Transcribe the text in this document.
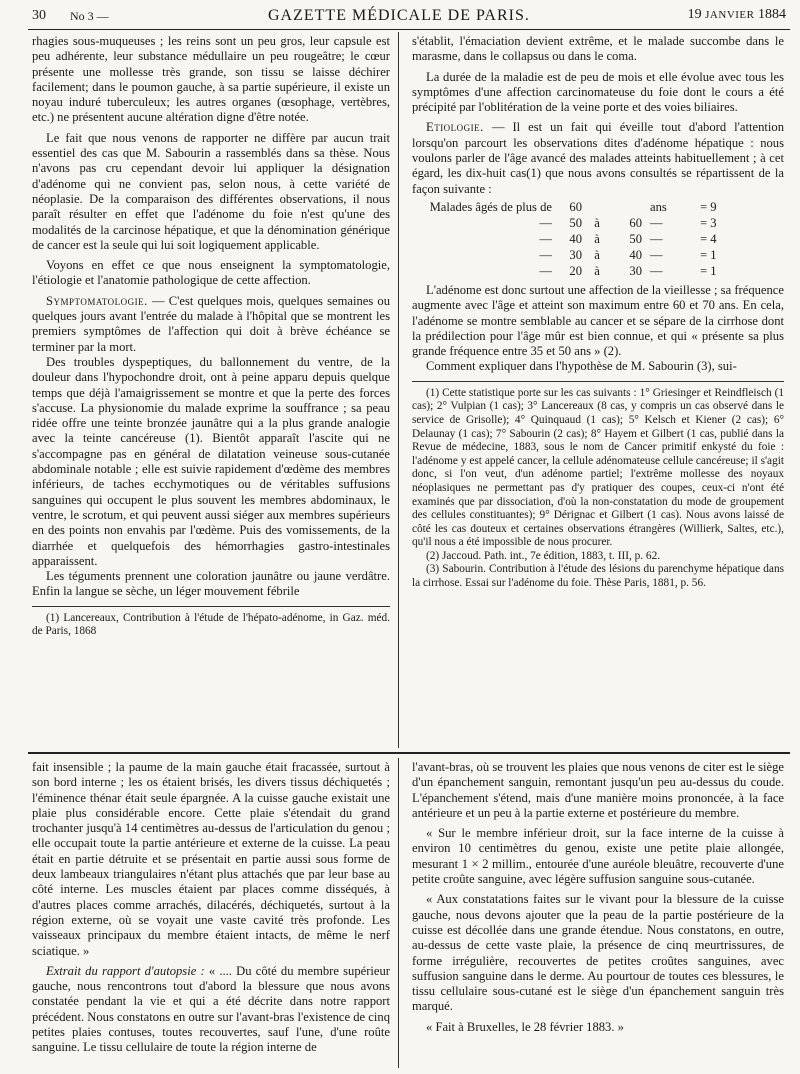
30 No 3 —	GAZETTE MÉDICALE DE PARIS.	19 JANVIER 1884

rhagies sous-muqueuses ; les reins sont un peu gros, leur capsule est peu adhérente, leur substance médullaire un peu rougeâtre; le cœur présente une mollesse très grande, son tissu se laisse déchirer facilement; dans le poumon gauche, à sa partie supérieure, il existe un noyau induré tuberculeux; les autres organes (œsophage, vertèbres, etc.) ne présentent aucune altération digne d'être notée.

Le fait que nous venons de rapporter ne diffère par aucun trait essentiel des cas que M. Sabourin a rassemblés dans sa thèse. Nous n'avons pas cru cependant devoir lui appliquer la désignation d'adénome qui ne convient pas, selon nous, à cette variété de néoplasie. De la comparaison des différentes observations, il nous paraît résulter en effet que l'adénome du foie n'est qu'une des modalités de la carcinose hépatique, et que la dénomination générique de cancer est la seule qui lui soit logiquement applicable.

Voyons en effet ce que nous enseignent la symptomatologie, l'étiologie et l'anatomie pathologique de cette affection.

Symptomatologie. — C'est quelques mois, quelques semaines ou quelques jours avant l'entrée du malade à l'hôpital que se montrent les premiers symptômes de l'affection qui doit à brève échéance se terminer par la mort.

Des troubles dyspeptiques, du ballonnement du ventre, de la douleur dans l'hypochondre droit, ont à peine apparu depuis quelque temps que déjà l'amaigrissement se montre et que la perte des forces s'accuse. La physionomie du malade exprime la souffrance ; sa peau ridée offre une teinte bronzée jaunâtre qui a la plus grande analogie avec la teinte cancéreuse (1). Bientôt apparaît l'ascite qui ne s'accompagne pas en général de dilatation veineuse sous-cutanée abdominale notable ; elle est suivie rapidement d'œdème des membres inférieurs, de taches ecchymotiques ou de véritables suffusions sanguines qui occupent le plus souvent les membres abdominaux, le ventre, le scrotum, et qui peuvent aussi siéger aux membres supérieurs en des points non envahis par l'œdème. Puis des vomissements, de la diarrhée et quelquefois des hémorrhagies gastro-intestinales apparaissent.

Les téguments prennent une coloration jaunâtre ou jaune verdâtre. Enfin la langue se sèche, un léger mouvement fébrile

(1) Lancereaux, Contribution à l'étude de l'hépato-adénome, in Gaz. méd. de Paris, 1868

s'établit, l'émaciation devient extrême, et le malade succombe dans le marasme, dans le collapsus ou dans le coma.

La durée de la maladie est de peu de mois et elle évolue avec tous les symptômes d'une affection carcinomateuse du foie dont le cours a été précipité par l'oblitération de la veine porte et des voies biliaires.

Etiologie. — Il est un fait qui éveille tout d'abord l'attention lorsqu'on parcourt les observations dites d'adénome hépatique : nous voulons parler de l'âge avancé des malades atteints habituellement ; à cet égard, les dix-huit cas(1) que nous avons consultés se répartissent de la façon suivante :

Malades âgés de plus de	60	ans	= 9
—	50 à	60 —	= 3
—	40 à	50 —	= 4
—	30 à	40 —	= 1
—	20 à	30 —	= 1

L'adénome est donc surtout une affection de la vieillesse ; sa fréquence augmente avec l'âge et atteint son maximum entre 60 et 70 ans. En cela, l'adénome se montre semblable au cancer et se sépare de la cirrhose dont la prédilection pour l'âge mûr est bien connue, et qui « présente sa plus grande fréquence entre 35 et 50 ans » (2).

Comment expliquer dans l'hypothèse de M. Sabourin (3), sui-

(1) Cette statistique porte sur les cas suivants : 1° Griesinger et Reindfleisch (1 cas); 2° Vulpian (1 cas); 3° Lancereaux (8 cas, y compris un cas observé dans le service de Grisolle); 4° Quinquaud (1 cas); 5° Kelsch et Kiener (2 cas); 6° Delaunay (1 cas); 7° Sabourin (2 cas); 8° Hayem et Gilbert (1 cas, publié dans la Revue de médecine, 1883, sous le nom de Cancer primitif enkysté du foie : l'adénome y est appelé cancer, la cellule adénomateuse cellule cancéreuse; il s'agit donc, si l'on veut, d'un adénome partiel; l'extrême mollesse des noyaux néoplasiques ne permettant pas d'y pratiquer des coupes, ceux-ci n'ont été examinés que par dissociation, d'où la non-constatation du mode de groupement des cellules constituantes); 9° Dérignac et Gilbert (1 cas). Nous avons laissé de côté les cas douteux et certaines observations étrangères (Willierk, Saltes, etc.), qu'il nous a été impossible de nous procurer.

(2) Jaccoud. Path. int., 7e édition, 1883, t. III, p. 62.

(3) Sabourin. Contribution à l'étude des lésions du parenchyme hépatique dans la cirrhose. Essai sur l'adénome du foie. Thèse Paris, 1881, p. 56.

fait insensible ; la paume de la main gauche était fracassée, surtout à son bord interne ; les os étaient brisés, les divers tissus déchiquetés ; l'éminence thénar était seule épargnée. A la cuisse gauche existait une plaie plus considérable encore. Cette plaie s'étendait du grand trochanter jusqu'à 14 centimètres au-dessus de l'articulation du genou ; elle occupait toute la partie antérieure et externe de la cuisse. La peau était en partie détruite et se présentait en partie aussi sous forme de deux lambeaux triangulaires n'étant plus attachés que par leur base au côté interne. Les muscles étaient par places comme disséqués, à d'autres places comme arrachés, dilacérés, déchiquetés, surtout à la région externe, où se voyait une vaste cavité très profonde. Les vaisseaux principaux du membre étaient intacts, de même le nerf sciatique. »

Extrait du rapport d'autopsie : « .... Du côté du membre supérieur gauche, nous rencontrons tout d'abord la blessure que nous avons constatée pendant la vie et qui a été décrite dans notre rapport précédent. Nous constatons en outre sur l'avant-bras l'existence de cinq petites plaies contuses, toutes recouvertes, sauf l'une, d'une roûte sanguine. Le tissu cellulaire de toute la région interne de

l'avant-bras, où se trouvent les plaies que nous venons de citer est le siège d'un épanchement sanguin, remontant jusqu'un peu au-dessus du coude. L'épanchement s'étend, mais d'une manière moins prononcée, à la face antérieure et un peu à la partie externe et postérieure du membre.

« Sur le membre inférieur droit, sur la face interne de la cuisse à environ 10 centimètres du genou, existe une petite plaie allongée, mesurant 1 × 2 millim., entourée d'une auréole bleuâtre, recouverte d'une petite croûte sanguine, avec légère suffusion sanguine sous-cutanée.

« Aux constatations faites sur le vivant pour la blessure de la cuisse gauche, nous devons ajouter que la peau de la partie postérieure de la cuisse est décollée dans une grande étendue. Nous constatons, en outre, au-dessus de cette vaste plaie, la présence de cinq meurtrissures, de forme irrégulière, recouvertes de petites croûtes sanguines, avec suffusion sanguine dans le derme. Au pourtour de toutes ces blessures, le tissu cellulaire sous-cutané est le siège d'un épanchement sanguin très marqué.

« Fait à Bruxelles, le 28 février 1883. »
